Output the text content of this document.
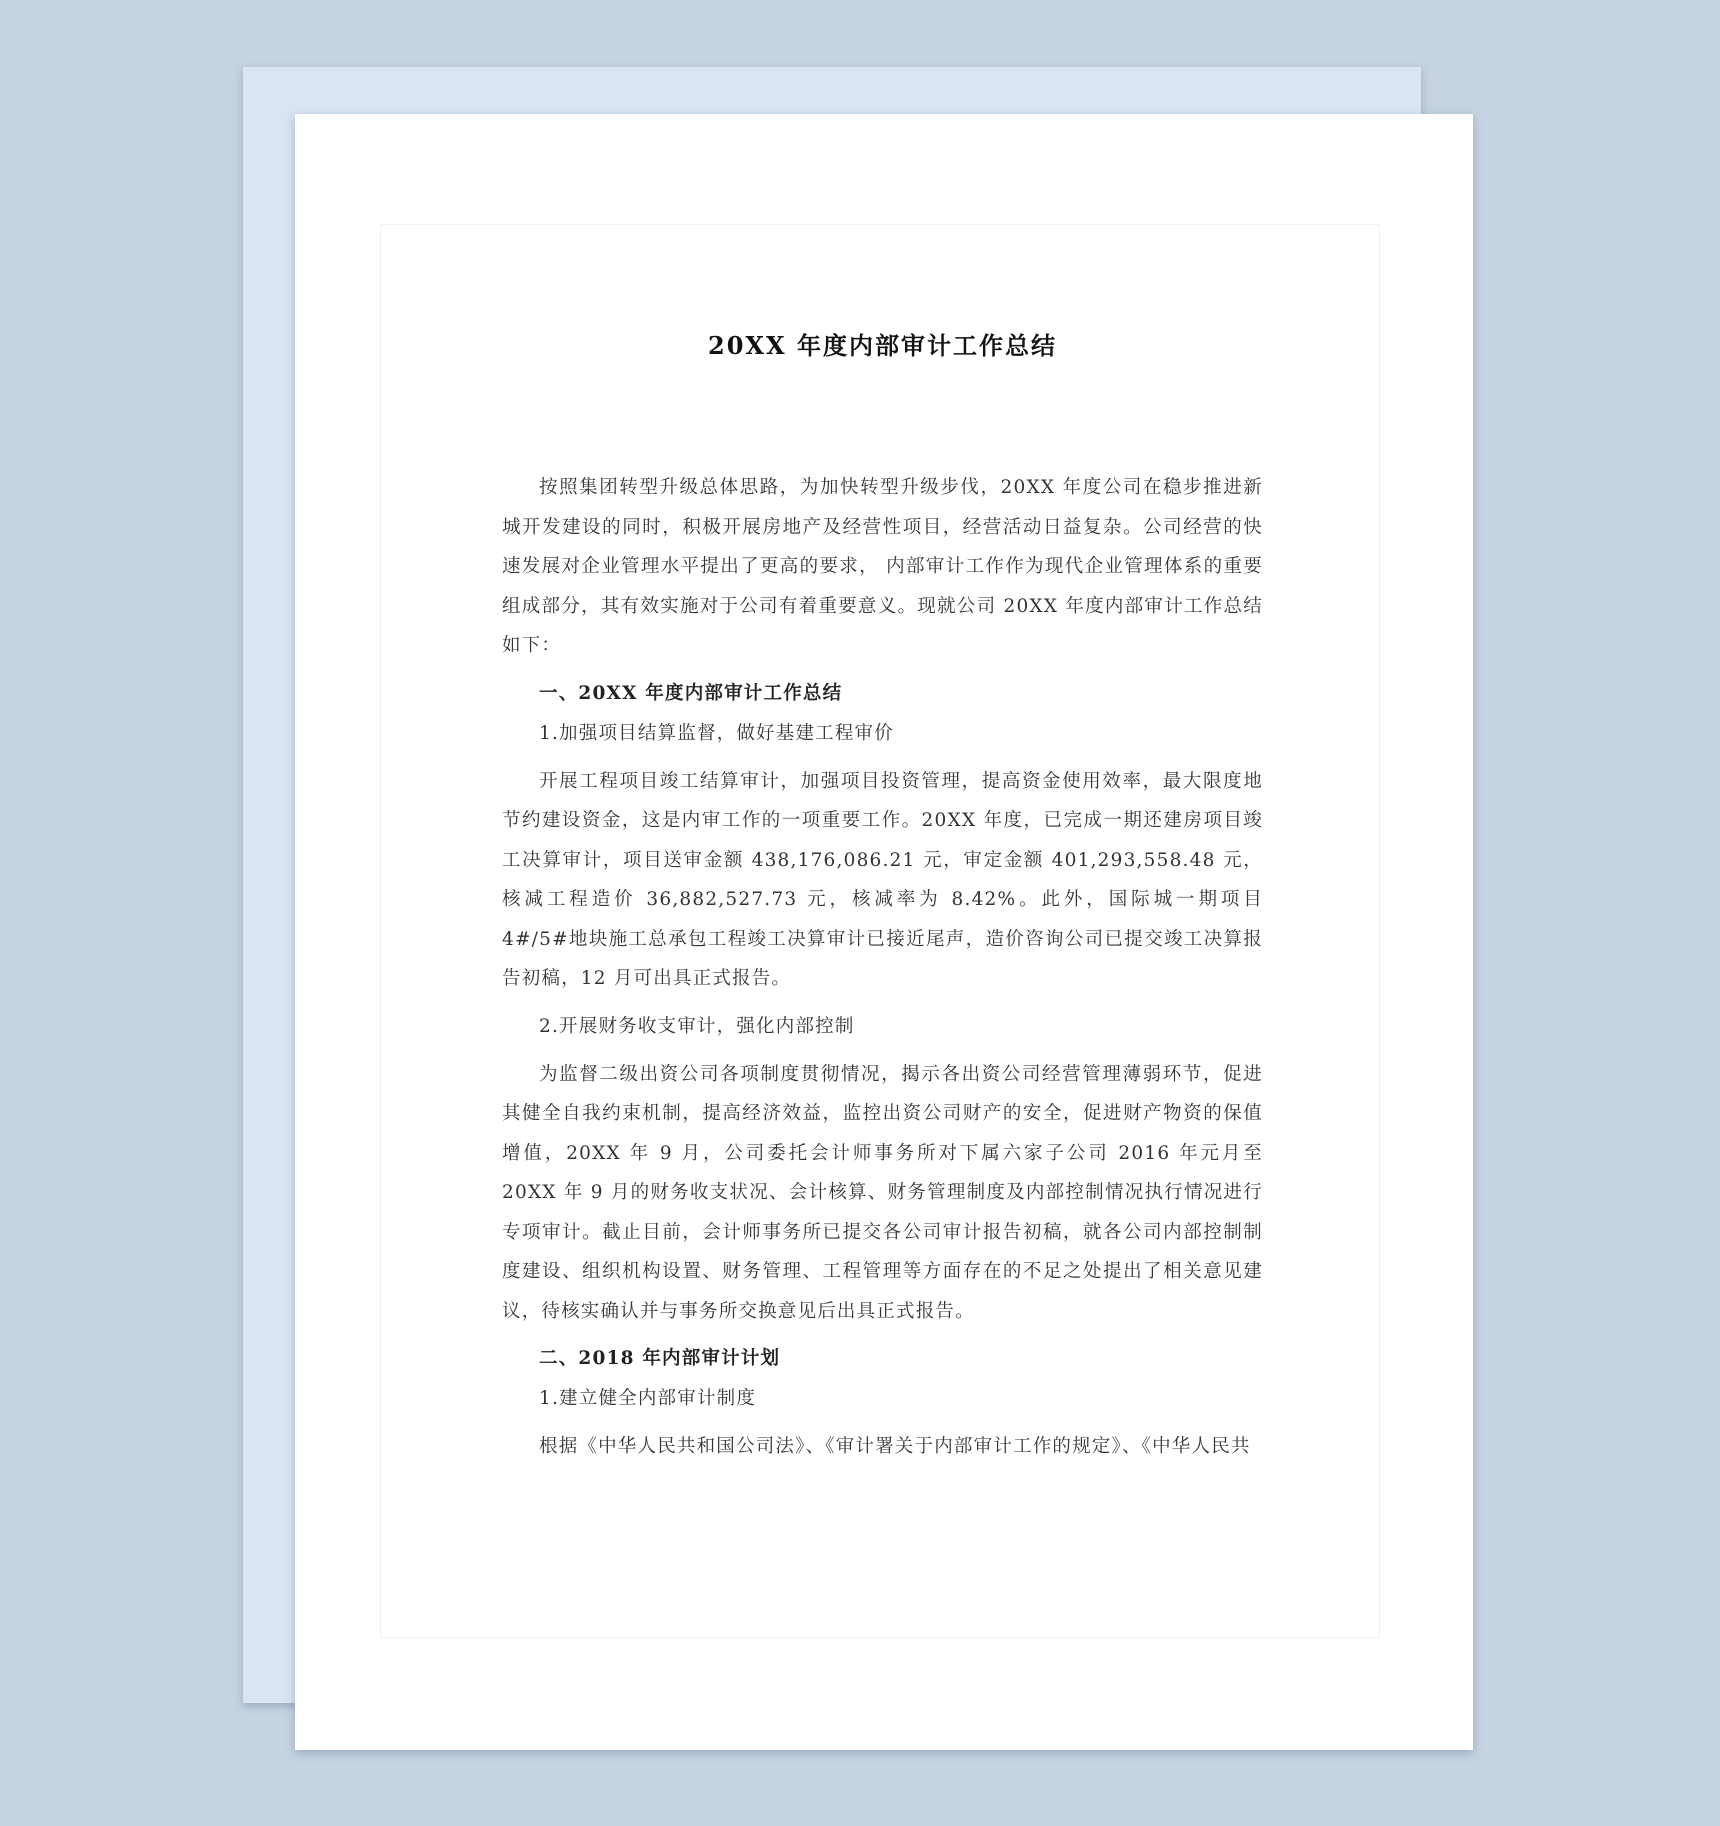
20XX 年度内部审计工作总结

按照集团转型升级总体思路，为加快转型升级步伐，20XX 年度公司在稳步推进新城开发建设的同时，积极开展房地产及经营性项目，经营活动日益复杂。公司经营的快速发展对企业管理水平提出了更高的要求， 内部审计工作作为现代企业管理体系的重要组成部分，其有效实施对于公司有着重要意义。现就公司 20XX 年度内部审计工作总结如下：

一、20XX 年度内部审计工作总结

1.加强项目结算监督，做好基建工程审价

开展工程项目竣工结算审计，加强项目投资管理，提高资金使用效率，最大限度地节约建设资金，这是内审工作的一项重要工作。20XX 年度，已完成一期还建房项目竣工决算审计，项目送审金额 438,176,086.21 元，审定金额 401,293,558.48 元，核减工程造价 36,882,527.73 元，核减率为 8.42%。此外，国际城一期项目 4#/5#地块施工总承包工程竣工决算审计已接近尾声，造价咨询公司已提交竣工决算报告初稿，12 月可出具正式报告。

2.开展财务收支审计，强化内部控制

为监督二级出资公司各项制度贯彻情况，揭示各出资公司经营管理薄弱环节，促进其健全自我约束机制，提高经济效益，监控出资公司财产的安全，促进财产物资的保值增值，20XX 年 9 月，公司委托会计师事务所对下属六家子公司 2016 年元月至 20XX 年 9 月的财务收支状况、会计核算、财务管理制度及内部控制情况执行情况进行专项审计。截止目前，会计师事务所已提交各公司审计报告初稿，就各公司内部控制制度建设、组织机构设置、财务管理、工程管理等方面存在的不足之处提出了相关意见建议，待核实确认并与事务所交换意见后出具正式报告。

二、2018 年内部审计计划

1.建立健全内部审计制度

根据《中华人民共和国公司法》、《审计署关于内部审计工作的规定》、《中华人民共
